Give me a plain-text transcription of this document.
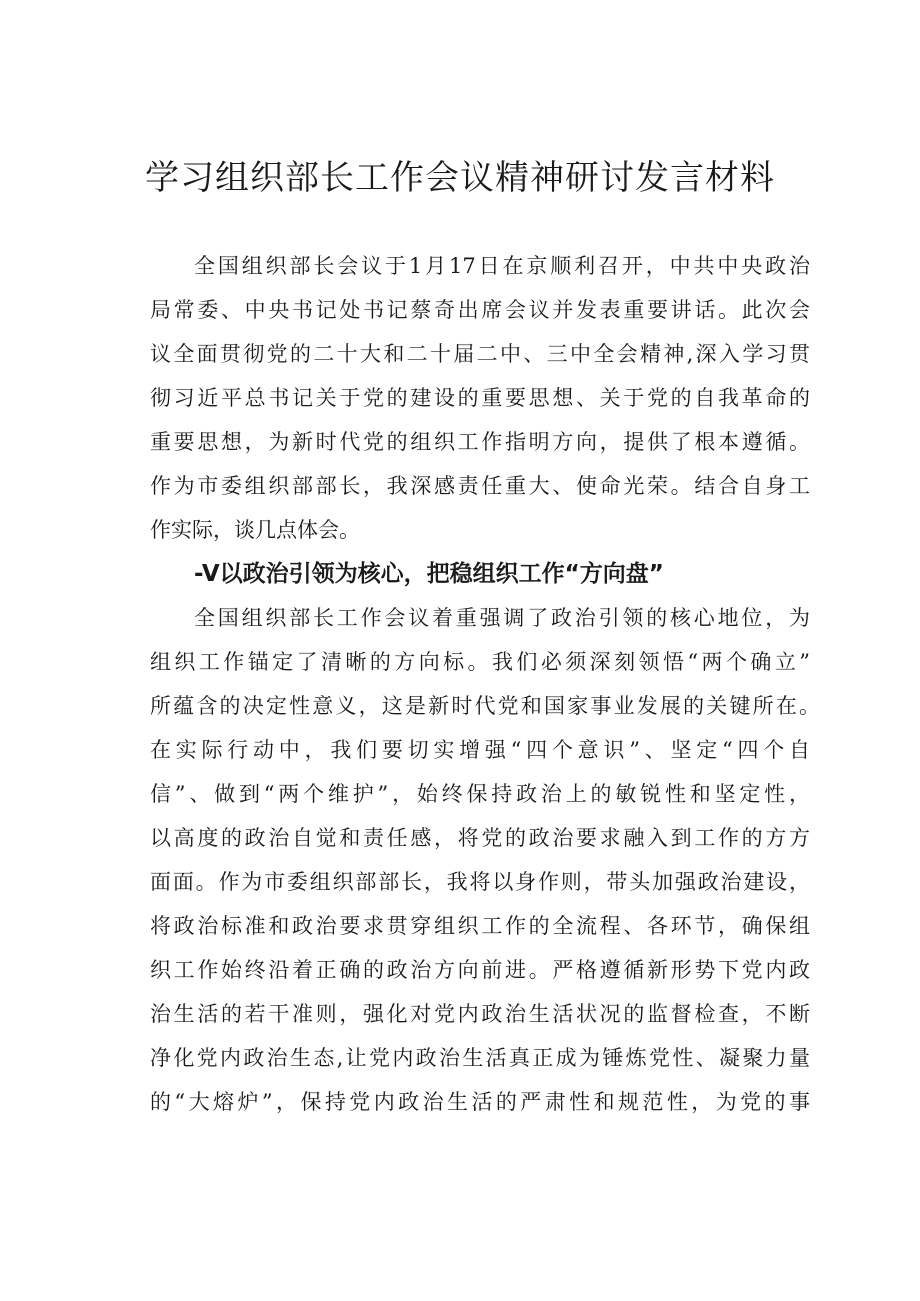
学习组织部长工作会议精神研讨发言材料
全国组织部长会议于1月17日在京顺利召开，中共中央政治
局常委、中央书记处书记蔡奇出席会议并发表重要讲话。此次会
议全面贯彻党的二十大和二十届二中、三中全会精神,深入学习贯
彻习近平总书记关于党的建设的重要思想、关于党的自我革命的
重要思想，为新时代党的组织工作指明方向，提供了根本遵循。
作为市委组织部部长，我深感责任重大、使命光荣。结合自身工
作实际，谈几点体会。
-V以政治引领为核心，把稳组织工作“方向盘”
全国组织部长工作会议着重强调了政治引领的核心地位，为
组织工作锚定了清晰的方向标。我们必须深刻领悟“两个确立”
所蕴含的决定性意义，这是新时代党和国家事业发展的关键所在。
在实际行动中，我们要切实增强“四个意识”、坚定“四个自
信”、做到“两个维护”，始终保持政治上的敏锐性和坚定性，
以高度的政治自觉和责任感，将党的政治要求融入到工作的方方
面面。作为市委组织部部长，我将以身作则，带头加强政治建设，
将政治标准和政治要求贯穿组织工作的全流程、各环节，确保组
织工作始终沿着正确的政治方向前进。严格遵循新形势下党内政
治生活的若干准则，强化对党内政治生活状况的监督检查，不断
净化党内政治生态,让党内政治生活真正成为锤炼党性、凝聚力量
的“大熔炉”，保持党内政治生活的严肃性和规范性，为党的事
